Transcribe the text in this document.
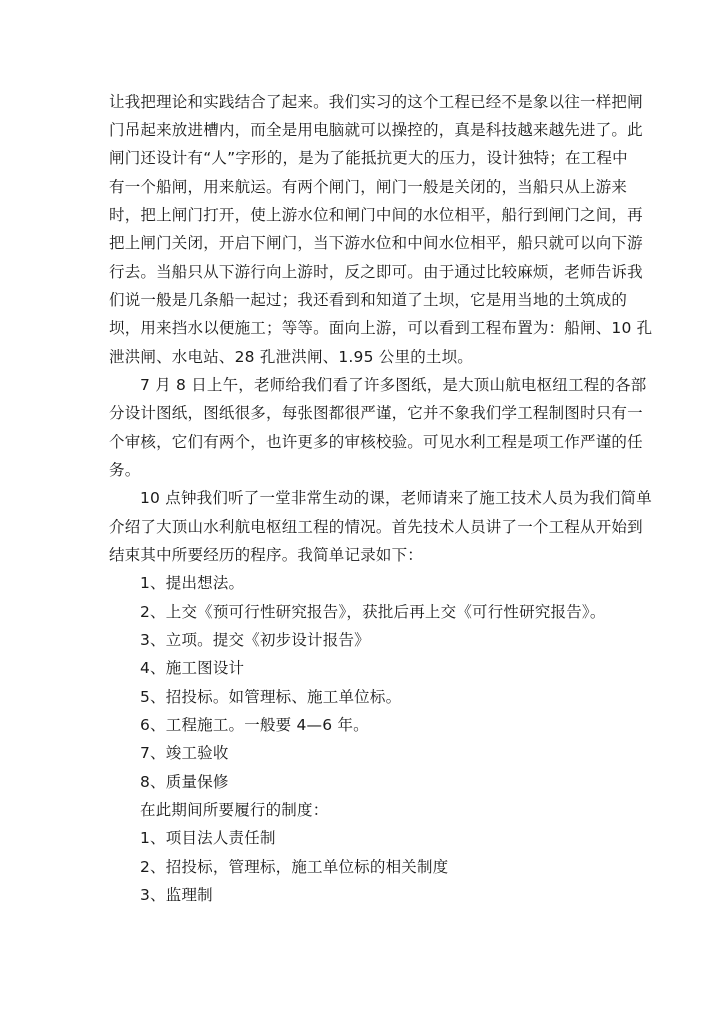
让我把理论和实践结合了起来。我们实习的这个工程已经不是象以往一样把闸
门吊起来放进槽内，而全是用电脑就可以操控的，真是科技越来越先进了。此
闸门还设计有“人”字形的，是为了能抵抗更大的压力，设计独特；在工程中
有一个船闸，用来航运。有两个闸门，闸门一般是关闭的，当船只从上游来
时，把上闸门打开，使上游水位和闸门中间的水位相平，船行到闸门之间，再
把上闸门关闭，开启下闸门，当下游水位和中间水位相平，船只就可以向下游
行去。当船只从下游行向上游时，反之即可。由于通过比较麻烦，老师告诉我
们说一般是几条船一起过；我还看到和知道了土坝，它是用当地的土筑成的
坝，用来挡水以便施工；等等。面向上游，可以看到工程布置为：船闸、10 孔
泄洪闸、水电站、28 孔泄洪闸、1.95 公里的土坝。
7 月 8 日上午，老师给我们看了许多图纸，是大顶山航电枢纽工程的各部
分设计图纸，图纸很多，每张图都很严谨，它并不象我们学工程制图时只有一
个审核，它们有两个，也许更多的审核校验。可见水利工程是项工作严谨的任
务。
10 点钟我们听了一堂非常生动的课，老师请来了施工技术人员为我们简单
介绍了大顶山水利航电枢纽工程的情况。首先技术人员讲了一个工程从开始到
结束其中所要经历的程序。我简单记录如下：
1、提出想法。
2、上交《预可行性研究报告》，获批后再上交《可行性研究报告》。
3、立项。提交《初步设计报告》
4、施工图设计
5、招投标。如管理标、施工单位标。
6、工程施工。一般要 4—6 年。
7、竣工验收
8、质量保修
在此期间所要履行的制度：
1、项目法人责任制
2、招投标，管理标，施工单位标的相关制度
3、监理制
